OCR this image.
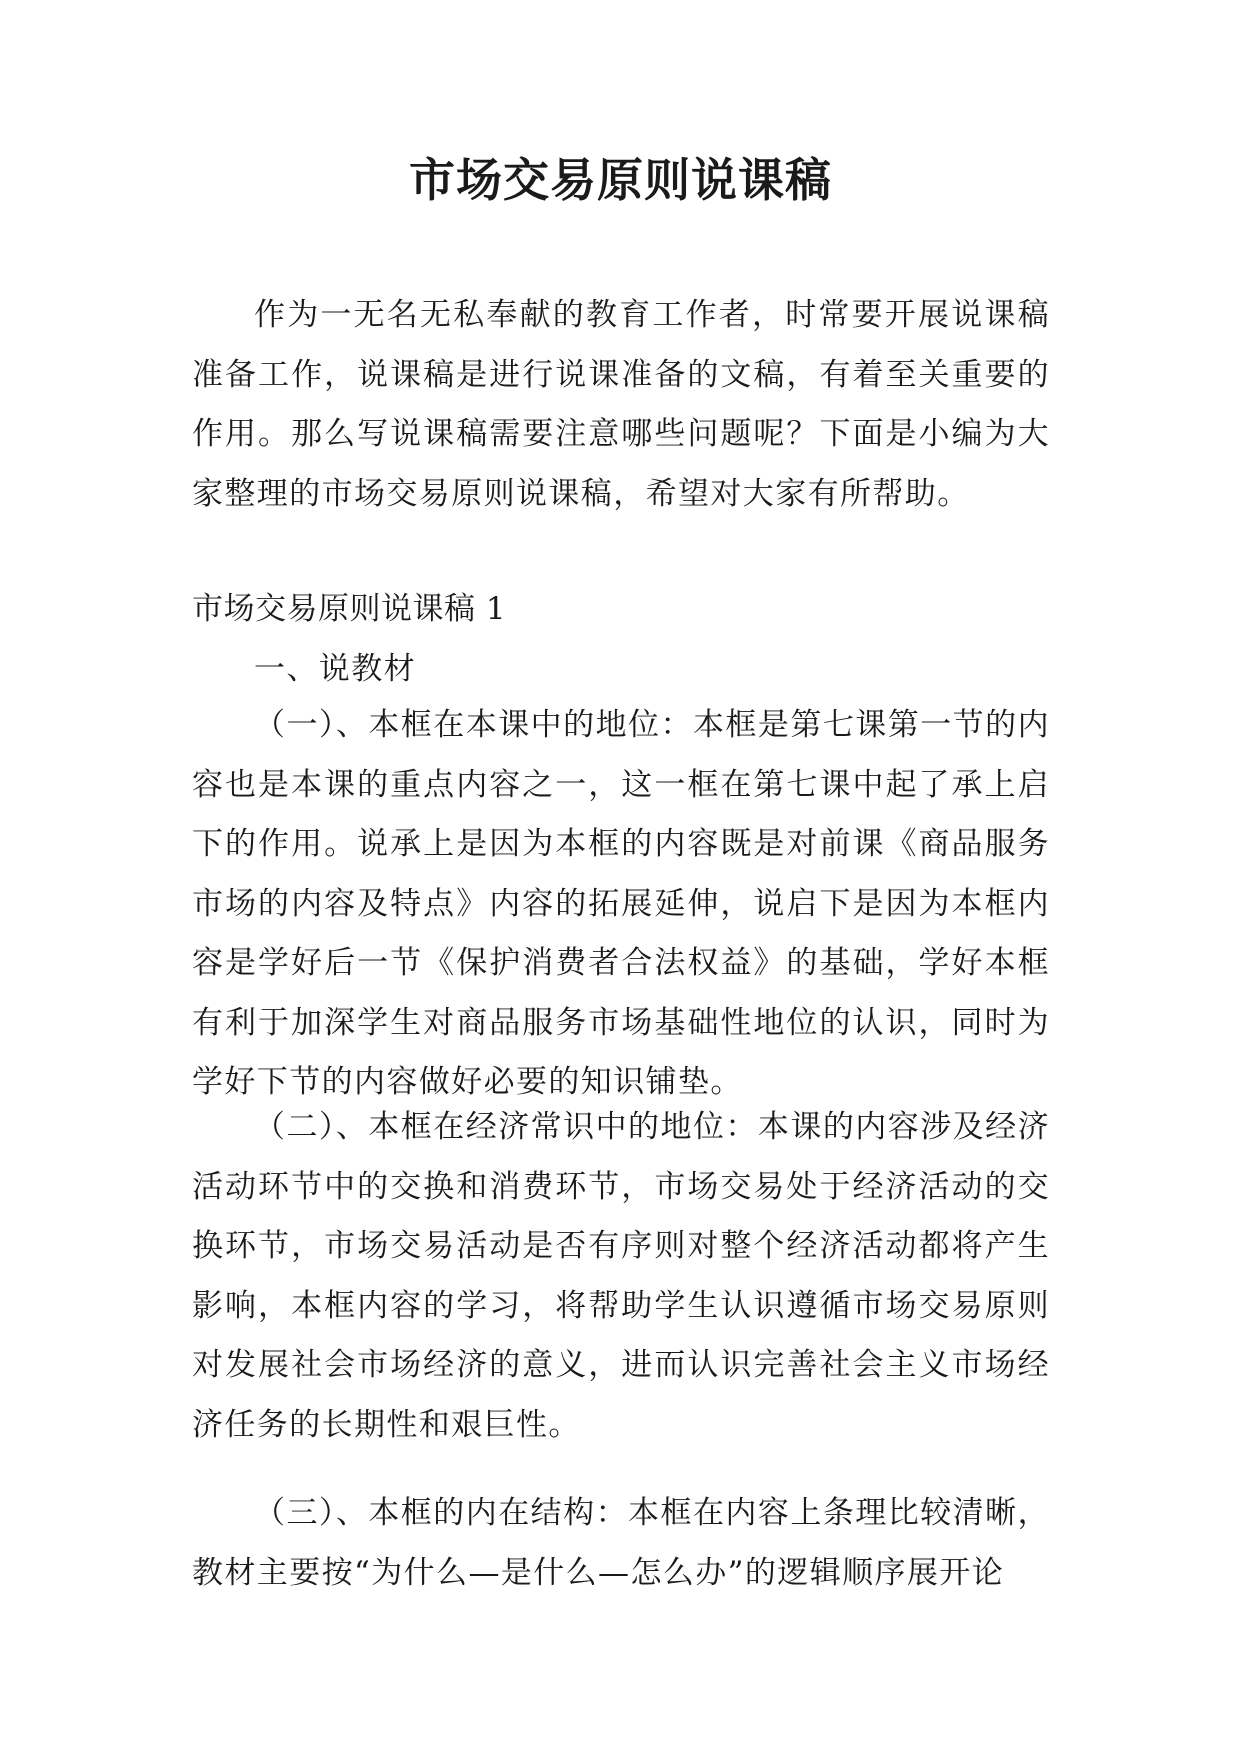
市场交易原则说课稿

作为一无名无私奉献的教育工作者，时常要开展说课稿准备工作，说课稿是进行说课准备的文稿，有着至关重要的作用。那么写说课稿需要注意哪些问题呢？下面是小编为大家整理的市场交易原则说课稿，希望对大家有所帮助。

市场交易原则说课稿 1

一、说教材

（一）、本框在本课中的地位：本框是第七课第一节的内容也是本课的重点内容之一，这一框在第七课中起了承上启下的作用。说承上是因为本框的内容既是对前课《商品服务市场的内容及特点》内容的拓展延伸，说启下是因为本框内容是学好后一节《保护消费者合法权益》的基础，学好本框有利于加深学生对商品服务市场基础性地位的认识，同时为学好下节的内容做好必要的知识铺垫。

（二）、本框在经济常识中的地位：本课的内容涉及经济活动环节中的交换和消费环节，市场交易处于经济活动的交换环节，市场交易活动是否有序则对整个经济活动都将产生影响，本框内容的学习，将帮助学生认识遵循市场交易原则对发展社会市场经济的意义，进而认识完善社会主义市场经济任务的长期性和艰巨性。

（三）、本框的内在结构：本框在内容上条理比较清晰，教材主要按“为什么—是什么—怎么办”的逻辑顺序展开论
